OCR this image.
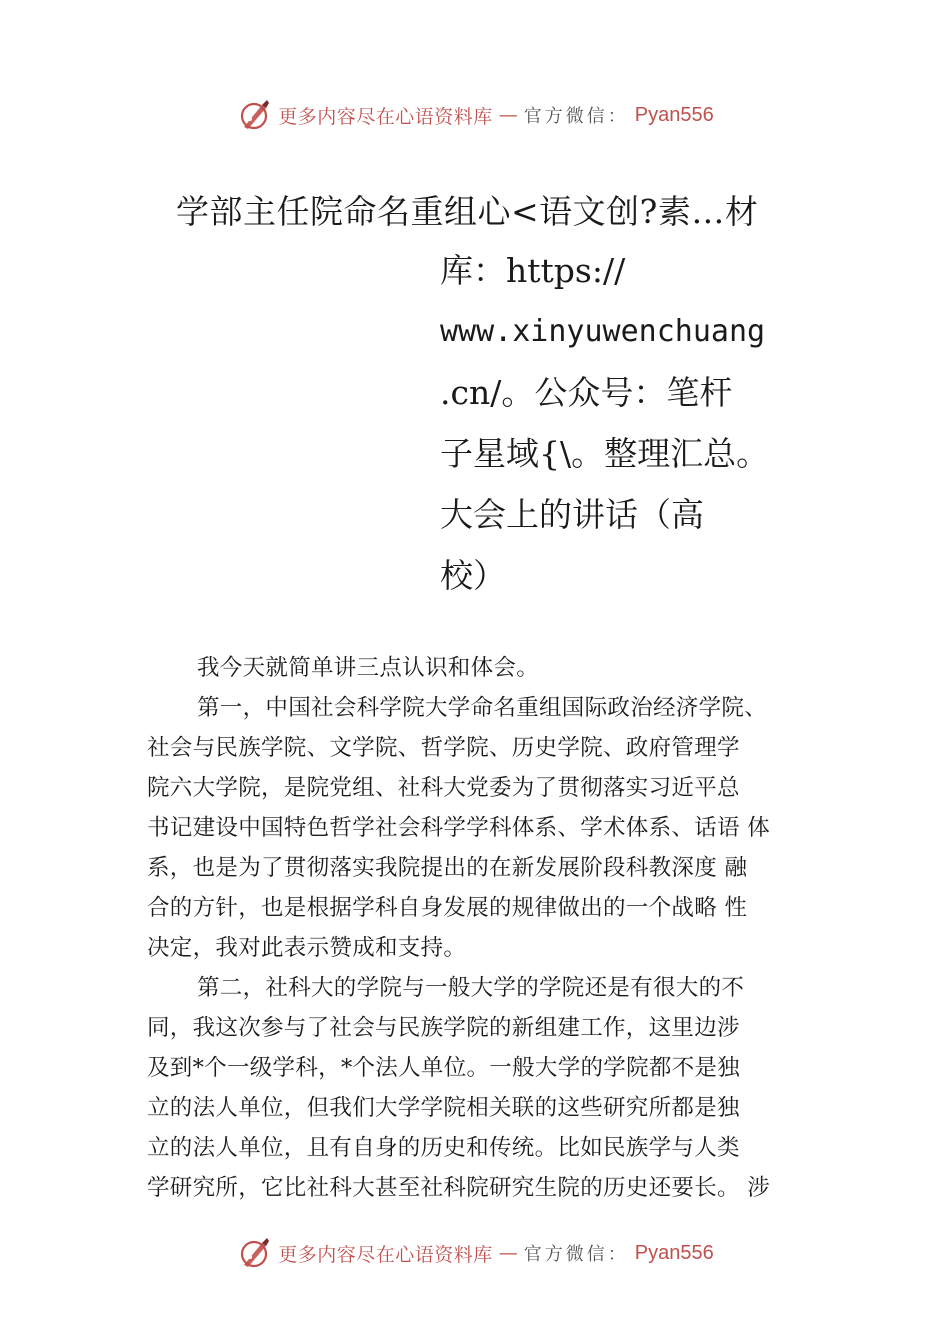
更多内容尽在心语资料库 — 官方微信： Pyan556
学部主任院命名重组心<语文创?素…材
库：https://
www.xinyuwenchuang
.cn/。公众号：笔杆
子星域{\。整理汇总。
大会上的讲话（高
校）
我今天就简单讲三点认识和体会。
第一，中国社会科学院大学命名重组国际政治经济学院、
社会与民族学院、文学院、哲学院、历史学院、政府管理学
院六大学院，是院党组、社科大党委为了贯彻落实习近平总
书记建设中国特色哲学社会科学学科体系、学术体系、话语 体
系，也是为了贯彻落实我院提出的在新发展阶段科教深度 融
合的方针，也是根据学科自身发展的规律做出的一个战略 性
决定，我对此表示赞成和支持。
第二，社科大的学院与一般大学的学院还是有很大的不
同，我这次参与了社会与民族学院的新组建工作，这里边涉
及到*个一级学科，*个法人单位。一般大学的学院都不是独
立的法人单位，但我们大学学院相关联的这些研究所都是独
立的法人单位，且有自身的历史和传统。比如民族学与人类
学研究所，它比社科大甚至社科院研究生院的历史还要长。 涉
更多内容尽在心语资料库 — 官方微信： Pyan556
